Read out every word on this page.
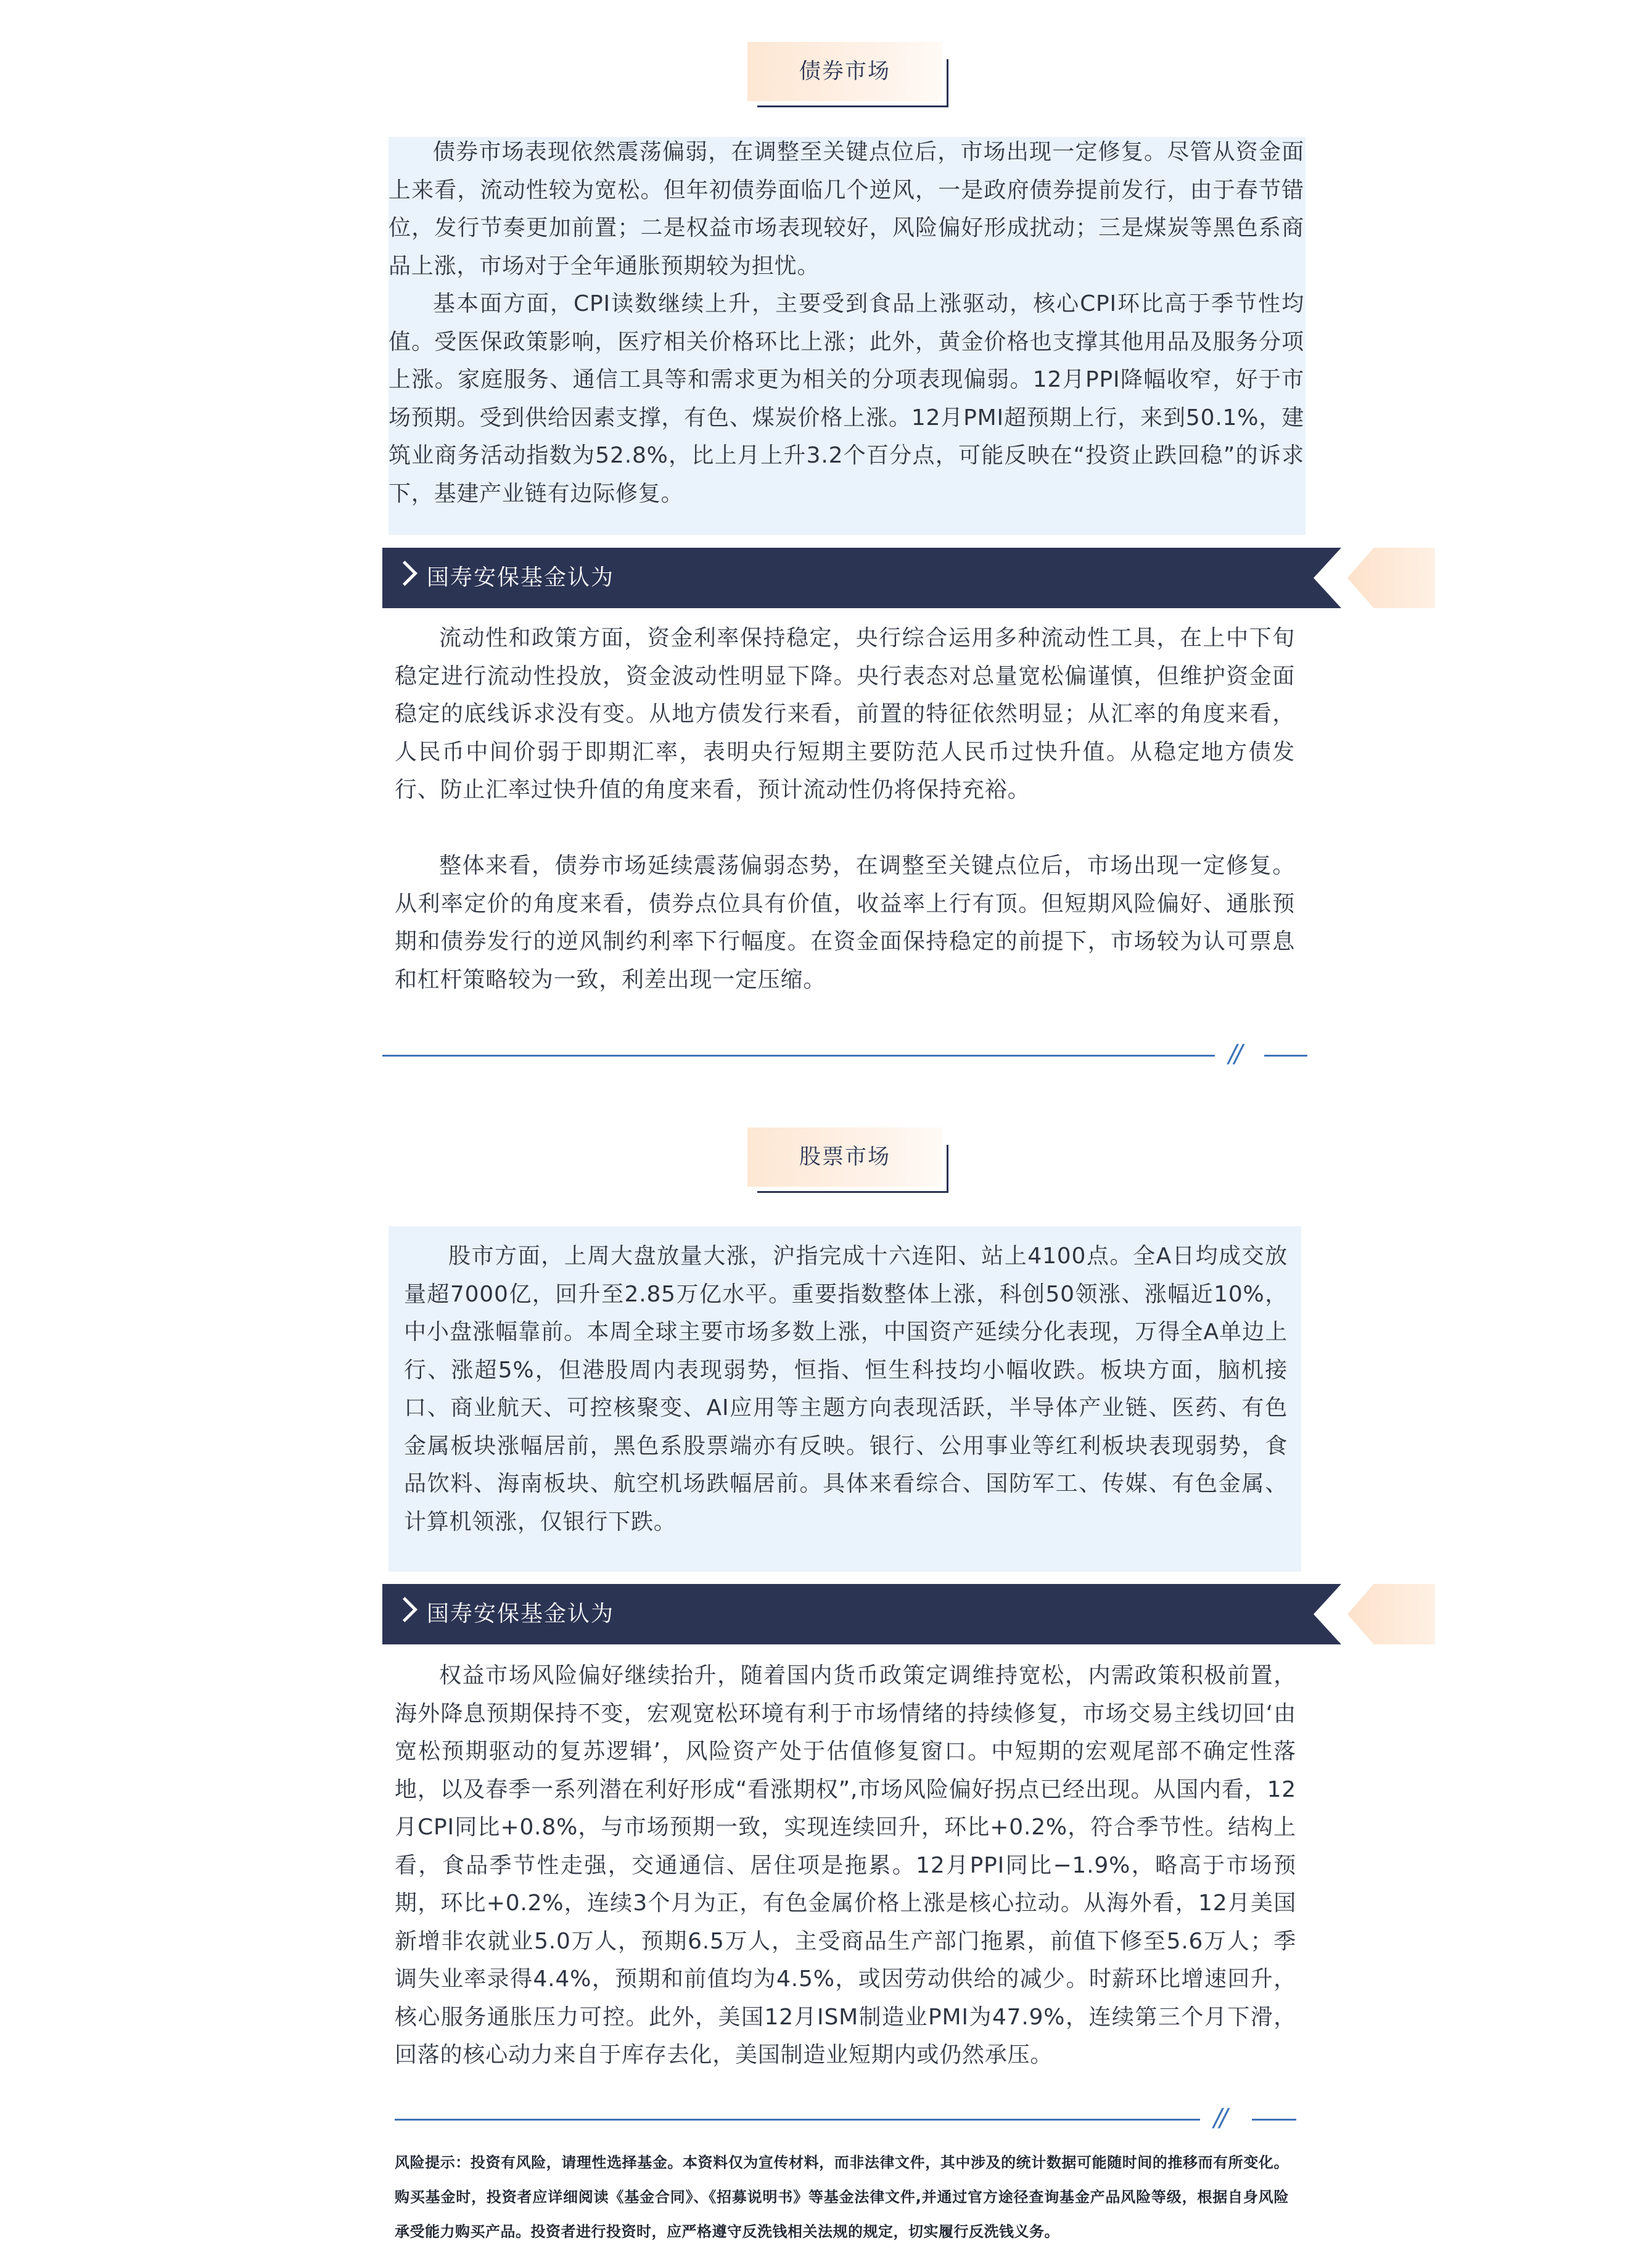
债券市场
债券市场表现依然震荡偏弱，在调整至关键点位后，市场出现一定修复。尽管从资金面上来看，流动性较为宽松。但年初债券面临几个逆风，一是政府债券提前发行，由于春节错位，发行节奏更加前置；二是权益市场表现较好，风险偏好形成扰动；三是煤炭等黑色系商品上涨，市场对于全年通胀预期较为担忧。
基本面方面，CPI读数继续上升，主要受到食品上涨驱动，核心CPI环比高于季节性均值。受医保政策影响，医疗相关价格环比上涨；此外，黄金价格也支撑其他用品及服务分项上涨。家庭服务、通信工具等和需求更为相关的分项表现偏弱。12月PPI降幅收窄，好于市场预期。受到供给因素支撑，有色、煤炭价格上涨。12月PMI超预期上行，来到50.1%，建筑业商务活动指数为52.8%，比上月上升3.2个百分点，可能反映在“投资止跌回稳”的诉求下，基建产业链有边际修复。
国寿安保基金认为
流动性和政策方面，资金利率保持稳定，央行综合运用多种流动性工具，在上中下旬稳定进行流动性投放，资金波动性明显下降。央行表态对总量宽松偏谨慎，但维护资金面稳定的底线诉求没有变。从地方债发行来看，前置的特征依然明显；从汇率的角度来看，人民币中间价弱于即期汇率，表明央行短期主要防范人民币过快升值。从稳定地方债发行、防止汇率过快升值的角度来看，预计流动性仍将保持充裕。
整体来看，债券市场延续震荡偏弱态势，在调整至关键点位后，市场出现一定修复。从利率定价的角度来看，债券点位具有价值，收益率上行有顶。但短期风险偏好、通胀预期和债券发行的逆风制约利率下行幅度。在资金面保持稳定的前提下，市场较为认可票息和杠杆策略较为一致，利差出现一定压缩。
//
股票市场
股市方面，上周大盘放量大涨，沪指完成十六连阳、站上4100点。全A日均成交放量超7000亿，回升至2.85万亿水平。重要指数整体上涨，科创50领涨、涨幅近10%，中小盘涨幅靠前。本周全球主要市场多数上涨，中国资产延续分化表现，万得全A单边上行、涨超5%，但港股周内表现弱势，恒指、恒生科技均小幅收跌。板块方面，脑机接口、商业航天、可控核聚变、AI应用等主题方向表现活跃，半导体产业链、医药、有色金属板块涨幅居前，黑色系股票端亦有反映。银行、公用事业等红利板块表现弱势，食品饮料、海南板块、航空机场跌幅居前。具体来看综合、国防军工、传媒、有色金属、计算机领涨，仅银行下跌。
国寿安保基金认为
权益市场风险偏好继续抬升，随着国内货币政策定调维持宽松，内需政策积极前置，海外降息预期保持不变，宏观宽松环境有利于市场情绪的持续修复，市场交易主线切回‘由宽松预期驱动的复苏逻辑’，风险资产处于估值修复窗口。中短期的宏观尾部不确定性落地，以及春季一系列潜在利好形成“看涨期权”,市场风险偏好拐点已经出现。从国内看，12月CPI同比+0.8%，与市场预期一致，实现连续回升，环比+0.2%，符合季节性。结构上看，食品季节性走强，交通通信、居住项是拖累。12月PPI同比−1.9%，略高于市场预期，环比+0.2%，连续3个月为正，有色金属价格上涨是核心拉动。从海外看，12月美国新增非农就业5.0万人，预期6.5万人，主受商品生产部门拖累，前值下修至5.6万人；季调失业率录得4.4%，预期和前值均为4.5%，或因劳动供给的减少。时薪环比增速回升，核心服务通胀压力可控。此外，美国12月ISM制造业PMI为47.9%，连续第三个月下滑，回落的核心动力来自于库存去化，美国制造业短期内或仍然承压。
//
风险提示：投资有风险，请理性选择基金。本资料仅为宣传材料，而非法律文件，其中涉及的统计数据可能随时间的推移而有所变化。购买基金时，投资者应详细阅读《基金合同》、《招募说明书》等基金法律文件,并通过官方途径查询基金产品风险等级，根据自身风险承受能力购买产品。投资者进行投资时，应严格遵守反洗钱相关法规的规定，切实履行反洗钱义务。
